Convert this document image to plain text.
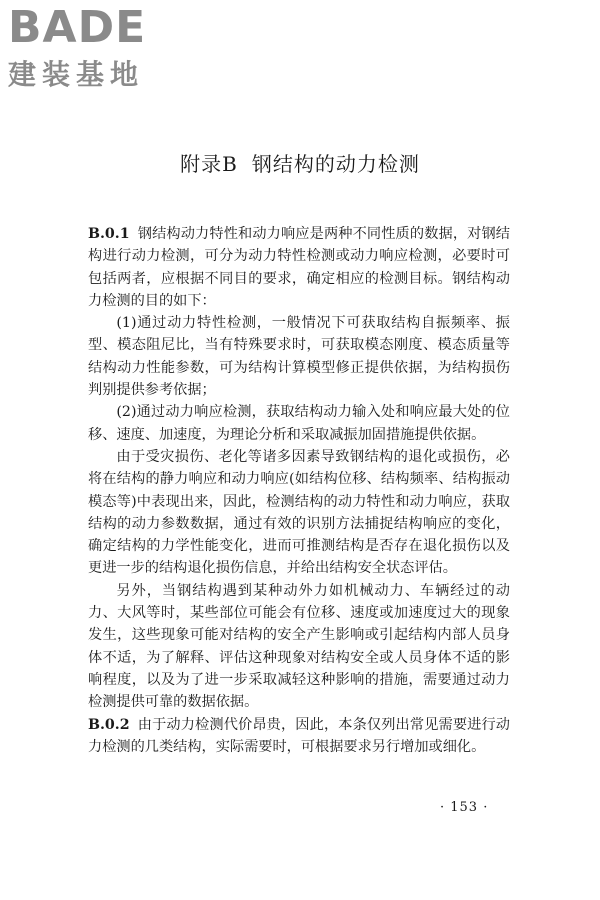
BADE
建装基地
附录B 钢结构的动力检测

B.0.1 钢结构动力特性和动力响应是两种不同性质的数据，对钢结构进行动力检测，可分为动力特性检测或动力响应检测，必要时可包括两者，应根据不同目的要求，确定相应的检测目标。钢结构动力检测的目的如下：

(1)通过动力特性检测，一般情况下可获取结构自振频率、振型、模态阻尼比，当有特殊要求时，可获取模态刚度、模态质量等结构动力性能参数，可为结构计算模型修正提供依据，为结构损伤判别提供参考依据；

(2)通过动力响应检测，获取结构动力输入处和响应最大处的位移、速度、加速度，为理论分析和采取减振加固措施提供依据。

由于受灾损伤、老化等诸多因素导致钢结构的退化或损伤，必将在结构的静力响应和动力响应(如结构位移、结构频率、结构振动模态等)中表现出来，因此，检测结构的动力特性和动力响应，获取结构的动力参数数据，通过有效的识别方法捕捉结构响应的变化，确定结构的力学性能变化，进而可推测结构是否存在退化损伤以及更进一步的结构退化损伤信息，并给出结构安全状态评估。

另外，当钢结构遇到某种动外力如机械动力、车辆经过的动力、大风等时，某些部位可能会有位移、速度或加速度过大的现象发生，这些现象可能对结构的安全产生影响或引起结构内部人员身体不适，为了解释、评估这种现象对结构安全或人员身体不适的影响程度，以及为了进一步采取减轻这种影响的措施，需要通过动力检测提供可靠的数据依据。

B.0.2 由于动力检测代价昂贵，因此，本条仅列出常见需要进行动力检测的几类结构，实际需要时，可根据要求另行增加或细化。

· 153 ·
